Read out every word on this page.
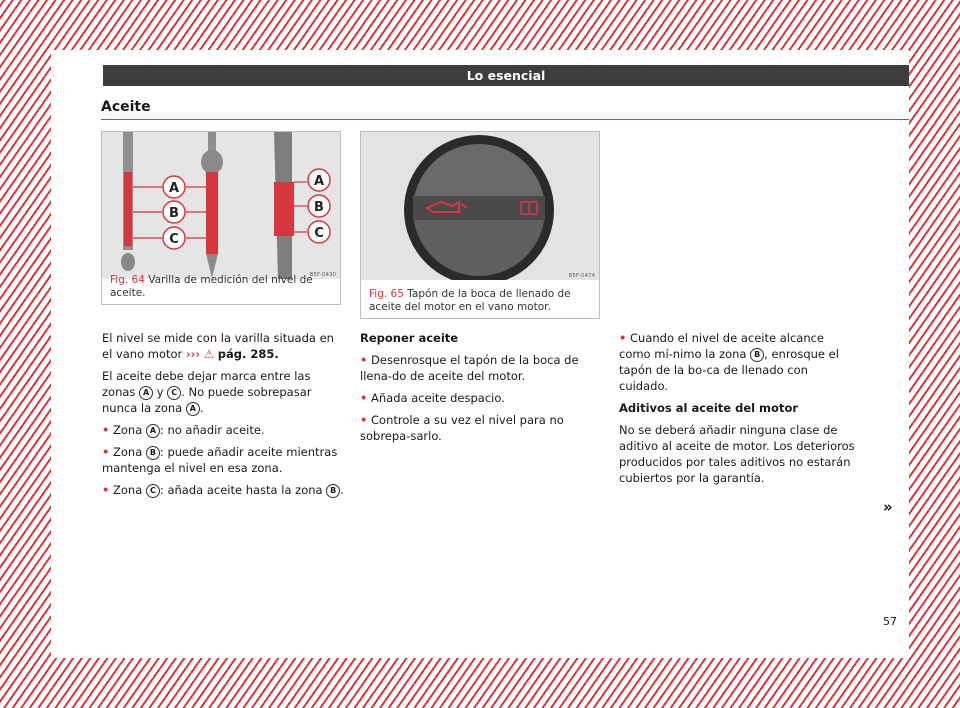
Lo esencial
Aceite
A
B
C
A
B
C
B5F-0430
Fig. 64 Varilla de medición del nivel de aceite.
B5F-0474
Fig. 65 Tapón de la boca de llenado de aceite del motor en el vano motor.

El nivel se mide con la varilla situada en el vano motor ››› ⚠ pág. 285.

El aceite debe dejar marca entre las zonas A y C . No puede sobrepasar nunca la zona A .

• Zona A : no añadir aceite.

• Zona B : puede añadir aceite mientras mantenga el nivel en esa zona.

• Zona C : añada aceite hasta la zona B .

Reponer aceite

• Desenrosque el tapón de la boca de llena-do de aceite del motor.

• Añada aceite despacio.

• Controle a su vez el nivel para no sobrepa-sarlo.

• Cuando el nivel de aceite alcance como mí-nimo la zona B , enrosque el tapón de la bo-ca de llenado con cuidado.

Aditivos al aceite del motor

No se deberá añadir ninguna clase de aditivo al aceite de motor. Los deterioros producidos por tales aditivos no estarán cubiertos por la garantía.

»
57
